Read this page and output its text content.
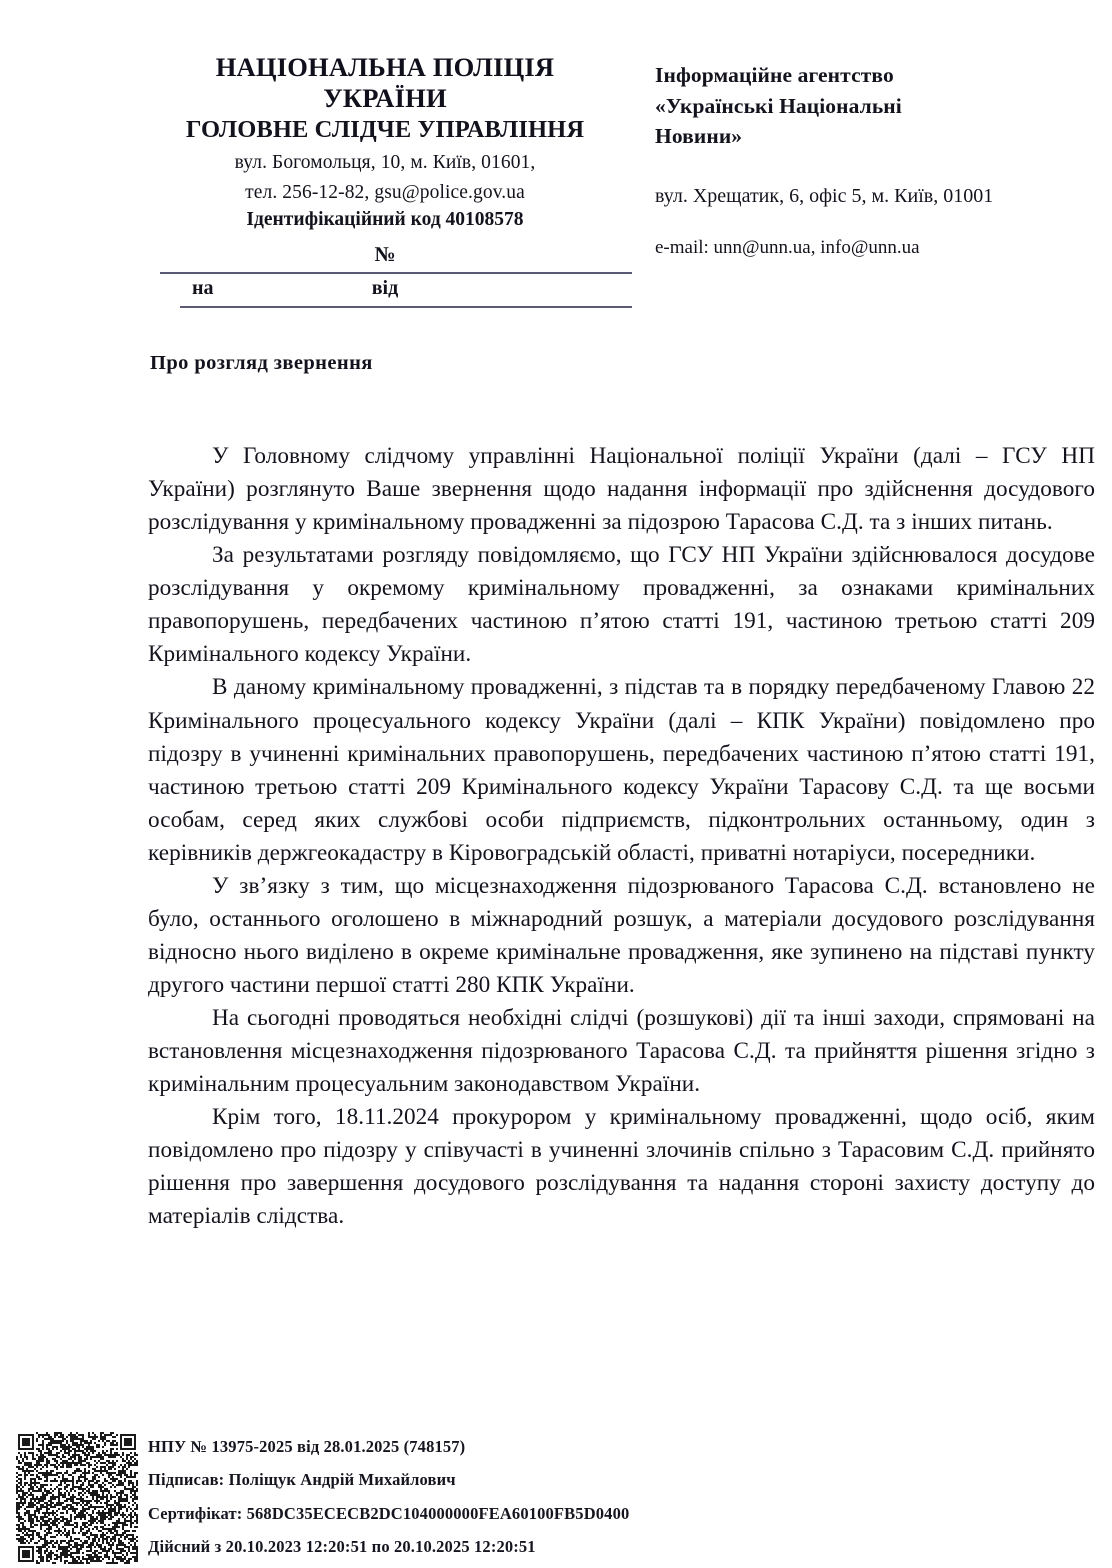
НАЦІОНАЛЬНА ПОЛІЦІЯ
УКРАЇНИ
ГОЛОВНЕ СЛІДЧЕ УПРАВЛІННЯ
вул. Богомольця, 10, м. Київ, 01601,
тел. 256-12-82, gsu@police.gov.ua
Ідентифікаційний код 40108578
№
на	від
Інформаційне агентство
«Українські Національні
Новини»
вул. Хрещатик, 6, офіс 5, м. Київ, 01001
e-mail: unn@unn.ua, info@unn.ua
Про розгляд звернення

У Головному слідчому управлінні Національної поліції України (далі – ГСУ НП України) розглянуто Ваше звернення щодо надання інформації про здійснення досудового розслідування у кримінальному провадженні за підозрою Тарасова С.Д. та з інших питань.

За результатами розгляду повідомляємо, що ГСУ НП України здійснювалося досудове розслідування у окремому кримінальному провадженні, за ознаками кримінальних правопорушень, передбачених частиною п’ятою статті 191, частиною третьою статті 209 Кримінального кодексу України.

В даному кримінальному провадженні, з підстав та в порядку передбаченому Главою 22 Кримінального процесуального кодексу України (далі – КПК України) повідомлено про підозру в учиненні кримінальних правопорушень, передбачених частиною п’ятою статті 191, частиною третьою статті 209 Кримінального кодексу України Тарасову С.Д. та ще восьми особам, серед яких службові особи підприємств, підконтрольних останньому, один з керівників держгеокадастру в Кіровоградській області, приватні нотаріуси, посередники.

У зв’язку з тим, що місцезнаходження підозрюваного Тарасова С.Д. встановлено не було, останнього оголошено в міжнародний розшук, а матеріали досудового розслідування відносно нього виділено в окреме кримінальне провадження, яке зупинено на підставі пункту другого частини першої статті 280 КПК України.

На сьогодні проводяться необхідні слідчі (розшукові) дії та інші заходи, спрямовані на встановлення місцезнаходження підозрюваного Тарасова С.Д. та прийняття рішення згідно з кримінальним процесуальним законодавством України.

Крім того, 18.11.2024 прокурором у кримінальному провадженні, щодо осіб, яким повідомлено про підозру у співучасті в учиненні злочинів спільно з Тарасовим С.Д. прийнято рішення про завершення досудового розслідування та надання стороні захисту доступу до матеріалів слідства.

НПУ № 13975-2025 від 28.01.2025 (748157)
Підписав: Поліщук Андрій Михайлович
Сертифікат: 568DC35ECECB2DC104000000FEA60100FB5D0400
Дійсний з 20.10.2023 12:20:51 по 20.10.2025 12:20:51
